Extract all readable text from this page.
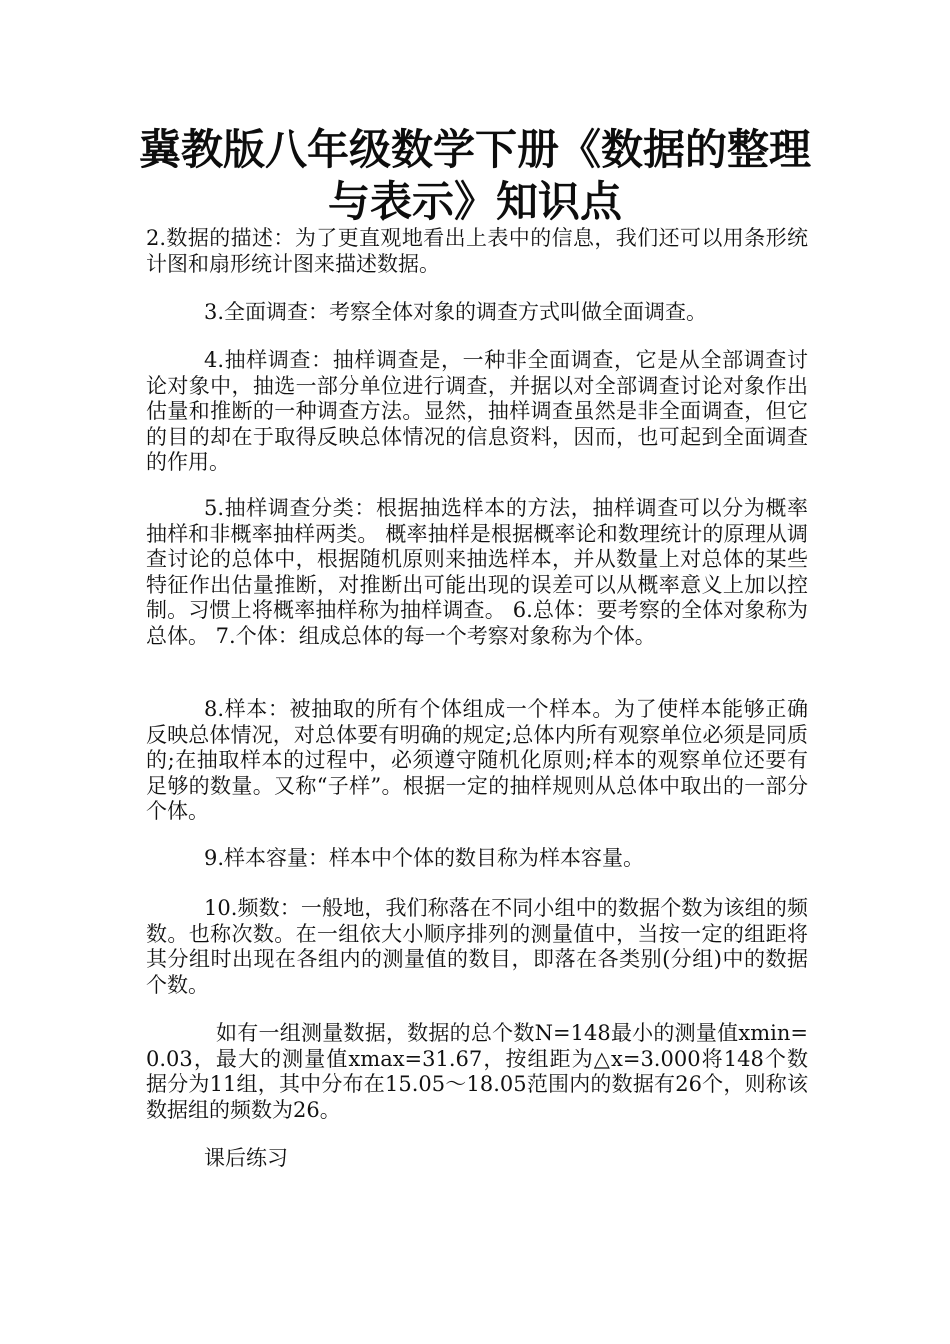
冀教版八年级数学下册《数据的整理与表示》知识点

2.数据的描述：为了更直观地看出上表中的信息，我们还可以用条形统计图和扇形统计图来描述数据。

3.全面调查：考察全体对象的调查方式叫做全面调查。

4.抽样调查：抽样调查是，一种非全面调查，它是从全部调查讨论对象中，抽选一部分单位进行调查，并据以对全部调查讨论对象作出估量和推断的一种调查方法。显然，抽样调查虽然是非全面调查，但它的目的却在于取得反映总体情况的信息资料，因而，也可起到全面调查的作用。

5.抽样调查分类：根据抽选样本的方法，抽样调查可以分为概率抽样和非概率抽样两类。 概率抽样是根据概率论和数理统计的原理从调查讨论的总体中，根据随机原则来抽选样本，并从数量上对总体的某些特征作出估量推断，对推断出可能出现的误差可以从概率意义上加以控制。习惯上将概率抽样称为抽样调查。 6.总体：要考察的全体对象称为总体。 7.个体：组成总体的每一个考察对象称为个体。

8.样本：被抽取的所有个体组成一个样本。为了使样本能够正确反映总体情况，对总体要有明确的规定;总体内所有观察单位必须是同质的;在抽取样本的过程中，必须遵守随机化原则;样本的观察单位还要有足够的数量。又称“子样”。根据一定的抽样规则从总体中取出的一部分个体。

9.样本容量：样本中个体的数目称为样本容量。

10.频数：一般地，我们称落在不同小组中的数据个数为该组的频数。也称次数。在一组依大小顺序排列的测量值中，当按一定的组距将其分组时出现在各组内的测量值的数目，即落在各类别(分组)中的数据个数。

如有一组测量数据，数据的总个数N=148最小的测量值xmin=0.03，最大的测量值xmax=31.67，按组距为△x=3.000将148个数据分为11组，其中分布在15.05～18.05范围内的数据有26个，则称该数据组的频数为26。

课后练习
